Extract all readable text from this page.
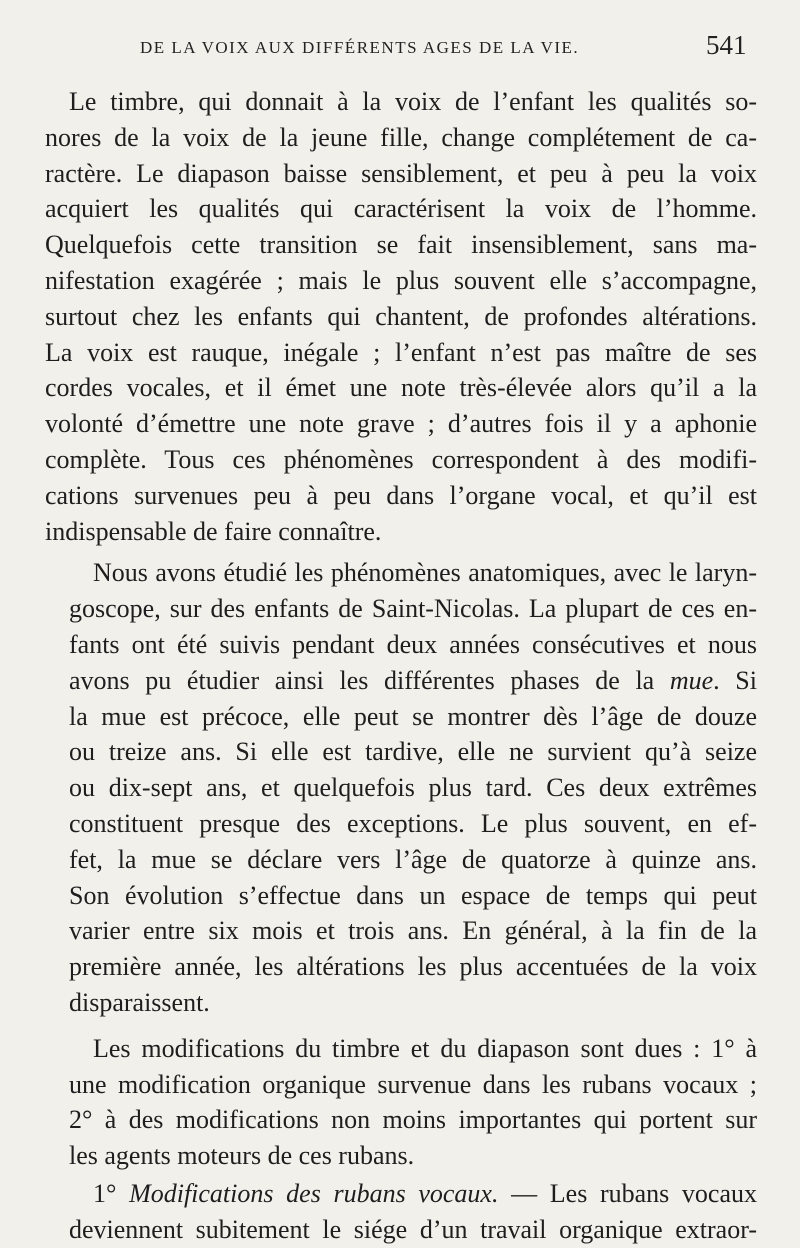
DE LA VOIX AUX DIFFÉRENTS AGES DE LA VIE.	541

Le timbre, qui donnait à la voix de l’enfant les qualités so-
nores de la voix de la jeune fille, change complétement de ca-
ractère. Le diapason baisse sensiblement, et peu à peu la voix
acquiert les qualités qui caractérisent la voix de l’homme.
Quelquefois cette transition se fait insensiblement, sans ma-
nifestation exagérée ; mais le plus souvent elle s’accompagne,
surtout chez les enfants qui chantent, de profondes altérations.
La voix est rauque, inégale ; l’enfant n’est pas maître de ses
cordes vocales, et il émet une note très-élevée alors qu’il a la
volonté d’émettre une note grave ; d’autres fois il y a aphonie
complète. Tous ces phénomènes correspondent à des modifi-
cations survenues peu à peu dans l’organe vocal, et qu’il est
indispensable de faire connaître.

Nous avons étudié les phénomènes anatomiques, avec le laryn-
goscope, sur des enfants de Saint-Nicolas. La plupart de ces en-
fants ont été suivis pendant deux années consécutives et nous
avons pu étudier ainsi les différentes phases de la mue. Si
la mue est précoce, elle peut se montrer dès l’âge de douze
ou treize ans. Si elle est tardive, elle ne survient qu’à seize
ou dix-sept ans, et quelquefois plus tard. Ces deux extrêmes
constituent presque des exceptions. Le plus souvent, en ef-
fet, la mue se déclare vers l’âge de quatorze à quinze ans.
Son évolution s’effectue dans un espace de temps qui peut
varier entre six mois et trois ans. En général, à la fin de la
première année, les altérations les plus accentuées de la voix
disparaissent.

Les modifications du timbre et du diapason sont dues : 1° à
une modification organique survenue dans les rubans vocaux ;
2° à des modifications non moins importantes qui portent sur
les agents moteurs de ces rubans.

1° Modifications des rubans vocaux. — Les rubans vocaux
deviennent subitement le siége d’un travail organique extraor-
